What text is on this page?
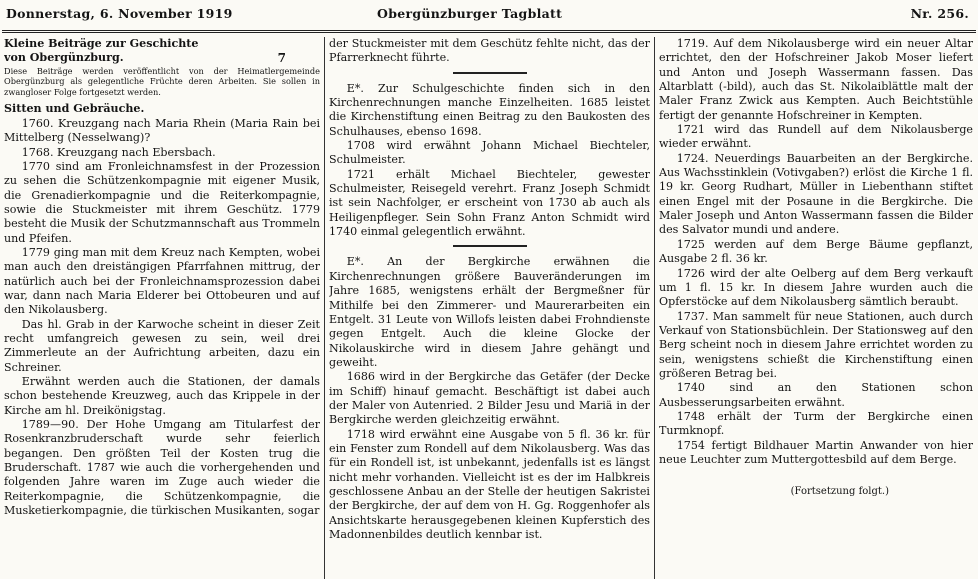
Donnerstag, 6. November 1919	Obergünzburger Tagblatt	Nr. 256.

Kleine Beiträge zur Geschichte

von Obergünzburg.	7

Diese Beiträge werden veröffentlicht von der Heimatlergemeinde Obergünzburg als gelegentliche Früchte deren Arbeiten. Sie sollen in zwangloser Folge fortgesetzt werden.

Sitten und Gebräuche.

1760. Kreuzgang nach Maria Rhein (Maria Rain bei Mittelberg (Nesselwang)?

1768. Kreuzgang nach Ebersbach.

1770 sind am Fronleichnamsfest in der Prozession zu sehen die Schützenkompagnie mit eigener Musik, die Grenadierkompagnie und die Reiterkompagnie, sowie die Stuckmeister mit ihrem Geschütz. 1779 besteht die Musik der Schutzmannschaft aus Trommeln und Pfeifen.

1779 ging man mit dem Kreuz nach Kempten, wobei man auch den dreistängigen Pfarrfahnen mittrug, der natürlich auch bei der Fronleichnamsprozession dabei war, dann nach Maria Elderer bei Ottobeuren und auf den Nikolausberg.

Das hl. Grab in der Karwoche scheint in dieser Zeit recht umfangreich gewesen zu sein, weil drei Zimmerleute an der Aufrichtung arbeiten, dazu ein Schreiner.

Erwähnt werden auch die Stationen, der damals schon bestehende Kreuzweg, auch das Krippele in der Kirche am hl. Dreikönigstag.

1789—90. Der Hohe Umgang am Titularfest der Rosenkranzbruderschaft wurde sehr feierlich begangen. Den größten Teil der Kosten trug die Bruderschaft. 1787 wie auch die vorhergehenden und folgenden Jahre waren im Zuge auch wieder die Reiterkompagnie, die Schützenkompagnie, die Musketierkompagnie, die türkischen Musikanten, sogar

der Stuckmeister mit dem Geschütz fehlte nicht, das der Pfarrerknecht führte.

E*. Zur Schulgeschichte finden sich in den Kirchenrechnungen manche Einzelheiten. 1685 leistet die Kirchenstiftung einen Beitrag zu den Baukosten des Schulhauses, ebenso 1698.

1708 wird erwähnt Johann Michael Biechteler, Schulmeister.

1721 erhält Michael Biechteler, gewester Schulmeister, Reisegeld verehrt. Franz Joseph Schmidt ist sein Nachfolger, er erscheint von 1730 ab auch als Heiligenpfleger. Sein Sohn Franz Anton Schmidt wird 1740 einmal gelegentlich erwähnt.

E*. An der Bergkirche erwähnen die Kirchenrechnungen größere Bauveränderungen im Jahre 1685, wenigstens erhält der Bergmeßner für Mithilfe bei den Zimmerer- und Maurerarbeiten ein Entgelt. 31 Leute von Willofs leisten dabei Frohndienste gegen Entgelt. Auch die kleine Glocke der Nikolauskirche wird in diesem Jahre gehängt und geweiht.

1686 wird in der Bergkirche das Getäfer (der Decke im Schiff) hinauf gemacht. Beschäftigt ist dabei auch der Maler von Autenried. 2 Bilder Jesu und Mariä in der Bergkirche werden gleichzeitig erwähnt.

1718 wird erwähnt eine Ausgabe von 5 fl. 36 kr. für ein Fenster zum Rondell auf dem Nikolausberg. Was das für ein Rondell ist, ist unbekannt, jedenfalls ist es längst nicht mehr vorhanden. Vielleicht ist es der im Halbkreis geschlossene Anbau an der Stelle der heutigen Sakristei der Bergkirche, der auf dem von H. Gg. Roggenhofer als Ansichtskarte herausgegebenen kleinen Kupferstich des Madonnenbildes deutlich kennbar ist.

1719. Auf dem Nikolausberge wird ein neuer Altar errichtet, den der Hofschreiner Jakob Moser liefert und Anton und Joseph Wassermann fassen. Das Altarblatt (-bild), auch das St. Nikolaiblättle malt der Maler Franz Zwick aus Kempten. Auch Beichtstühle fertigt der genannte Hofschreiner in Kempten.

1721 wird das Rundell auf dem Nikolausberge wieder erwähnt.

1724. Neuerdings Bauarbeiten an der Bergkirche. Aus Wachsstinklein (Votivgaben?) erlöst die Kirche 1 fl. 19 kr. Georg Rudhart, Müller in Liebenthann stiftet einen Engel mit der Posaune in die Bergkirche. Die Maler Joseph und Anton Wassermann fassen die Bilder des Salvator mundi und andere.

1725 werden auf dem Berge Bäume gepflanzt, Ausgabe 2 fl. 36 kr.

1726 wird der alte Oelberg auf dem Berg verkauft um 1 fl. 15 kr. In diesem Jahre wurden auch die Opferstöcke auf dem Nikolausberg sämtlich beraubt.

1737. Man sammelt für neue Stationen, auch durch Verkauf von Stationsbüchlein. Der Stationsweg auf den Berg scheint noch in diesem Jahre errichtet worden zu sein, wenigstens schießt die Kirchenstiftung einen größeren Betrag bei.

1740 sind an den Stationen schon Ausbesserungsarbeiten erwähnt.

1748 erhält der Turm der Bergkirche einen Turmknopf.

1754 fertigt Bildhauer Martin Anwander von hier neue Leuchter zum Muttergottesbild auf dem Berge.

(Fortsetzung folgt.)
